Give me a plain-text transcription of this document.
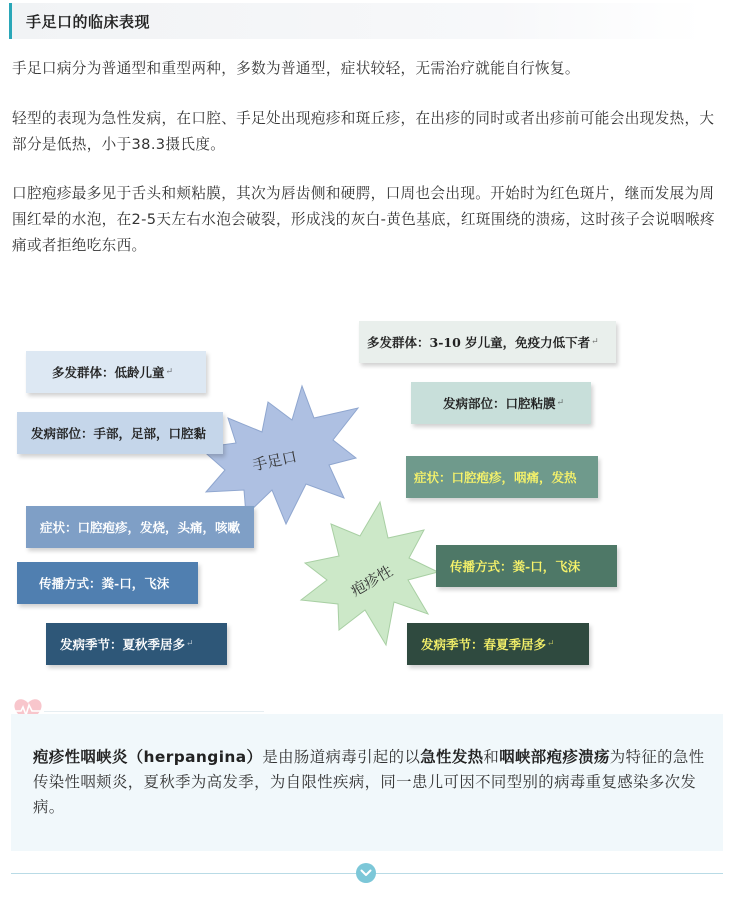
手足口的临床表现

手足口病分为普通型和重型两种，多数为普通型，症状较轻，无需治疗就能自行恢复。

轻型的表现为急性发病，在口腔、手足处出现疱疹和斑丘疹，在出疹的同时或者出疹前可能会出现发热，大部分是低热，小于38.3摄氏度。

口腔疱疹最多见于舌头和颊粘膜，其次为唇齿侧和硬腭，口周也会出现。开始时为红色斑片，继而发展为周围红晕的水泡，在2-5天左右水泡会破裂，形成浅的灰白-黄色基底，红斑围绕的溃疡，这时孩子会说咽喉疼痛或者拒绝吃东西。

手足口
疱疹性
多发群体：低龄儿童 ↵
发病部位：手部，足部，口腔黏
症状：口腔疱疹，发烧，头痛，咳嗽
传播方式：粪-口，飞沫
发病季节：夏秋季居多 ↵
多发群体：3-10 岁儿童，免疫力低下者 ↵
发病部位：口腔粘膜 ↵
症状：口腔疱疹，咽痛，发热
传播方式：粪-口，飞沫
发病季节：春夏季居多 ↵

疱疹性咽峡炎（herpangina）是由肠道病毒引起的以急性发热和咽峡部疱疹溃疡为特征的急性传染性咽颊炎，夏秋季为高发季，为自限性疾病，同一患儿可因不同型别的病毒重复感染多次发病。
